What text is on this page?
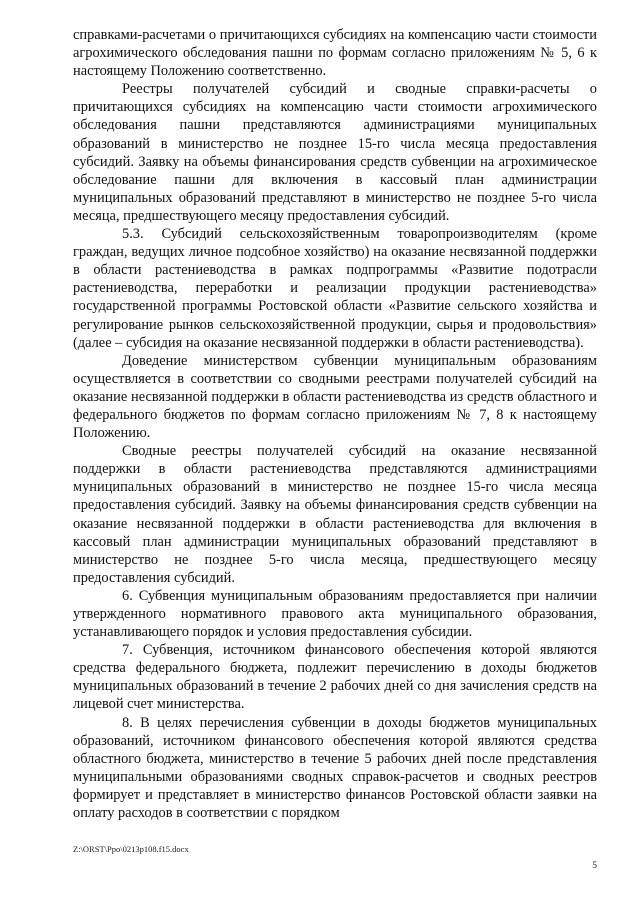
справками-расчетами о причитающихся субсидиях на компенсацию части стоимости агрохимического обследования пашни по формам согласно приложениям № 5, 6 к настоящему Положению соответственно.

Реестры получателей субсидий и сводные справки-расчеты о причитающихся субсидиях на компенсацию части стоимости агрохимического обследования пашни представляются администрациями муниципальных образований в министерство не позднее 15-го числа месяца предоставления субсидий. Заявку на объемы финансирования средств субвенции на агрохимическое обследование пашни для включения в кассовый план администрации муниципальных образований представляют в министерство не позднее 5-го числа месяца, предшествующего месяцу предоставления субсидий.

5.3. Субсидий сельскохозяйственным товаропроизводителям (кроме граждан, ведущих личное подсобное хозяйство) на оказание несвязанной поддержки в области растениеводства в рамках подпрограммы «Развитие подотрасли растениеводства, переработки и реализации продукции растениеводства» государственной программы Ростовской области «Развитие сельского хозяйства и регулирование рынков сельскохозяйственной продукции, сырья и продовольствия» (далее – субсидия на оказание несвязанной поддержки в области растениеводства).

Доведение министерством субвенции муниципальным образованиям осуществляется в соответствии со сводными реестрами получателей субсидий на оказание несвязанной поддержки в области растениеводства из средств областного и федерального бюджетов по формам согласно приложениям № 7, 8 к настоящему Положению.

Сводные реестры получателей субсидий на оказание несвязанной поддержки в области растениеводства представляются администрациями муниципальных образований в министерство не позднее 15-го числа месяца предоставления субсидий. Заявку на объемы финансирования средств субвенции на оказание несвязанной поддержки в области растениеводства для включения в кассовый план администрации муниципальных образований представляют в министерство не позднее 5-го числа месяца, предшествующего месяцу предоставления субсидий.

6. Субвенция муниципальным образованиям предоставляется при наличии утвержденного нормативного правового акта муниципального образования, устанавливающего порядок и условия предоставления субсидии.

7. Субвенция, источником финансового обеспечения которой являются средства федерального бюджета, подлежит перечислению в доходы бюджетов муниципальных образований в течение 2 рабочих дней со дня зачисления средств на лицевой счет министерства.

8. В целях перечисления субвенции в доходы бюджетов муниципальных образований, источником финансового обеспечения которой являются средства областного бюджета, министерство в течение 5 рабочих дней после представления муниципальными образованиями сводных справок-расчетов и сводных реестров формирует и представляет в министерство финансов Ростовской области заявки на оплату расходов в соответствии с порядком

Z:\ORST\Ppo\0213p108.f15.docx
5
